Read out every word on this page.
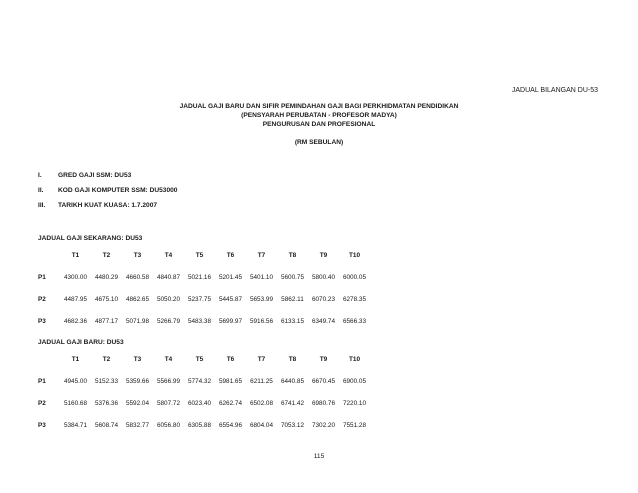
JADUAL BILANGAN DU-53
JADUAL GAJI BARU DAN SIFIR PEMINDAHAN GAJI BAGI PERKHIDMATAN PENDIDIKAN
(PENSYARAH PERUBATAN - PROFESOR MADYA)
PENGURUSAN DAN PROFESIONAL
(RM SEBULAN)
I. GRED GAJI SSM: DU53
II. KOD GAJI KOMPUTER SSM: DU53000
III. TARIKH KUAT KUASA: 1.7.2007
JADUAL GAJI SEKARANG: DU53
	T1	T2	T3	T4	T5	T6	T7	T8	T9	T10
P1	4300.00	4480.29	4660.58	4840.87	5021.16	5201.45	5401.10	5600.75	5800.40	6000.05
P2	4487.95	4675.10	4862.65	5050.20	5237.75	5445.87	5653.99	5862.11	6070.23	6278.35
P3	4682.36	4877.17	5071.98	5266.79	5483.38	5699.97	5916.56	6133.15	6349.74	6566.33
JADUAL GAJI BARU: DU53
	T1	T2	T3	T4	T5	T6	T7	T8	T9	T10
P1	4945.00	5152.33	5359.66	5566.99	5774.32	5981.65	6211.25	6440.85	6670.45	6900.05
P2	5160.68	5376.36	5592.04	5807.72	6023.40	6262.74	6502.08	6741.42	6980.76	7220.10
P3	5384.71	5608.74	5832.77	6056.80	6305.88	6554.96	6804.04	7053.12	7302.20	7551.28
115
